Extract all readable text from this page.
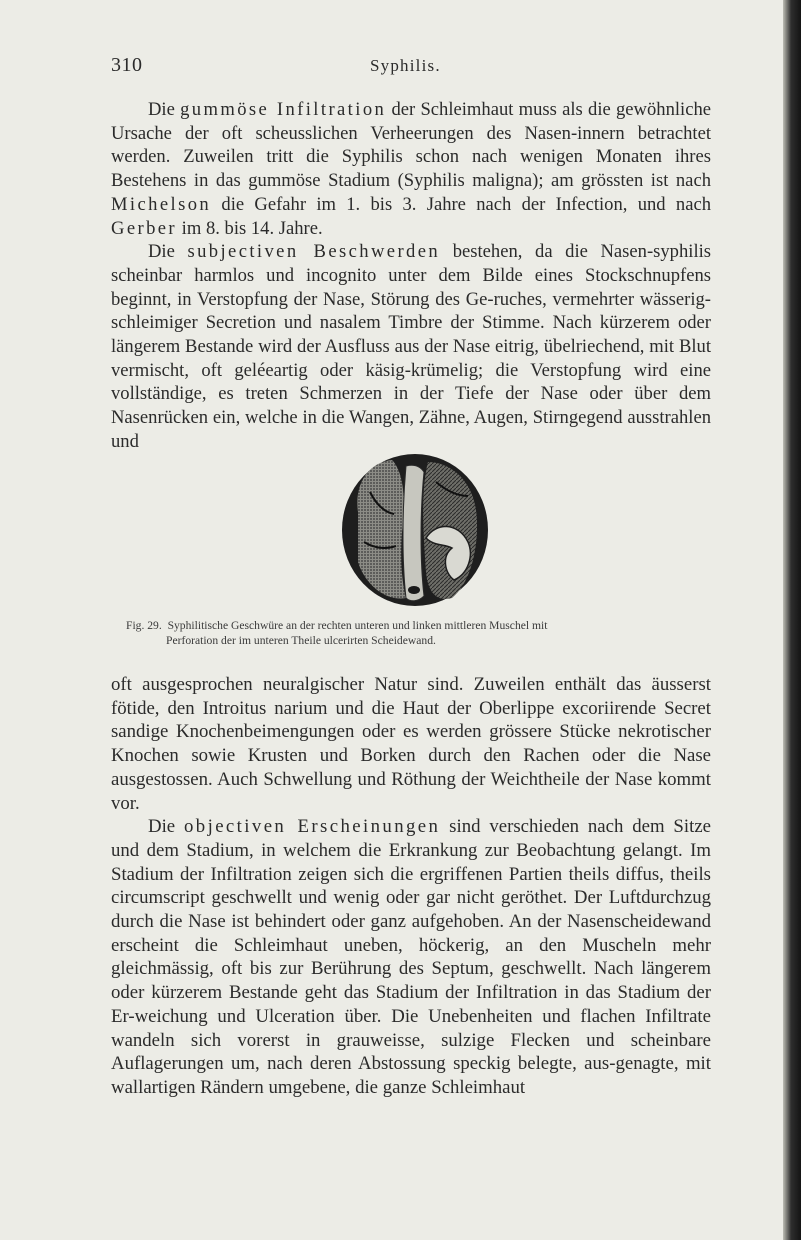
310	Syphilis.

Die gummöse Infiltration der Schleimhaut muss als die gewöhnliche Ursache der oft scheusslichen Verheerungen des Nasen-innern betrachtet werden. Zuweilen tritt die Syphilis schon nach wenigen Monaten ihres Bestehens in das gummöse Stadium (Syphilis maligna); am grössten ist nach Michelson die Gefahr im 1. bis 3. Jahre nach der Infection, und nach Gerber im 8. bis 14. Jahre.

Die subjectiven Beschwerden bestehen, da die Nasen-syphilis scheinbar harmlos und incognito unter dem Bilde eines Stockschnupfens beginnt, in Verstopfung der Nase, Störung des Ge-ruches, vermehrter wässerig-schleimiger Secretion und nasalem Timbre der Stimme. Nach kürzerem oder längerem Bestande wird der Ausfluss aus der Nase eitrig, übelriechend, mit Blut vermischt, oft geléeartig oder käsig-krümelig; die Verstopfung wird eine vollständige, es treten Schmerzen in der Tiefe der Nase oder über dem Nasenrücken ein, welche in die Wangen, Zähne, Augen, Stirngegend ausstrahlen und

Fig. 29. Syphilitische Geschwüre an der rechten unteren und linken mittleren Muschel mit
Perforation der im unteren Theile ulcerirten Scheidewand.

oft ausgesprochen neuralgischer Natur sind. Zuweilen enthält das äusserst fötide, den Introitus narium und die Haut der Oberlippe excoriirende Secret sandige Knochenbeimengungen oder es werden grössere Stücke nekrotischer Knochen sowie Krusten und Borken durch den Rachen oder die Nase ausgestossen. Auch Schwellung und Röthung der Weichtheile der Nase kommt vor.

Die objectiven Erscheinungen sind verschieden nach dem Sitze und dem Stadium, in welchem die Erkrankung zur Beobachtung gelangt. Im Stadium der Infiltration zeigen sich die ergriffenen Partien theils diffus, theils circumscript geschwellt und wenig oder gar nicht geröthet. Der Luftdurchzug durch die Nase ist behindert oder ganz aufgehoben. An der Nasenscheidewand erscheint die Schleimhaut uneben, höckerig, an den Muscheln mehr gleichmässig, oft bis zur Berührung des Septum, geschwellt. Nach längerem oder kürzerem Bestande geht das Stadium der Infiltration in das Stadium der Er-weichung und Ulceration über. Die Unebenheiten und flachen Infiltrate wandeln sich vorerst in grauweisse, sulzige Flecken und scheinbare Auflagerungen um, nach deren Abstossung speckig belegte, aus-genagte, mit wallartigen Rändern umgebene, die ganze Schleimhaut
